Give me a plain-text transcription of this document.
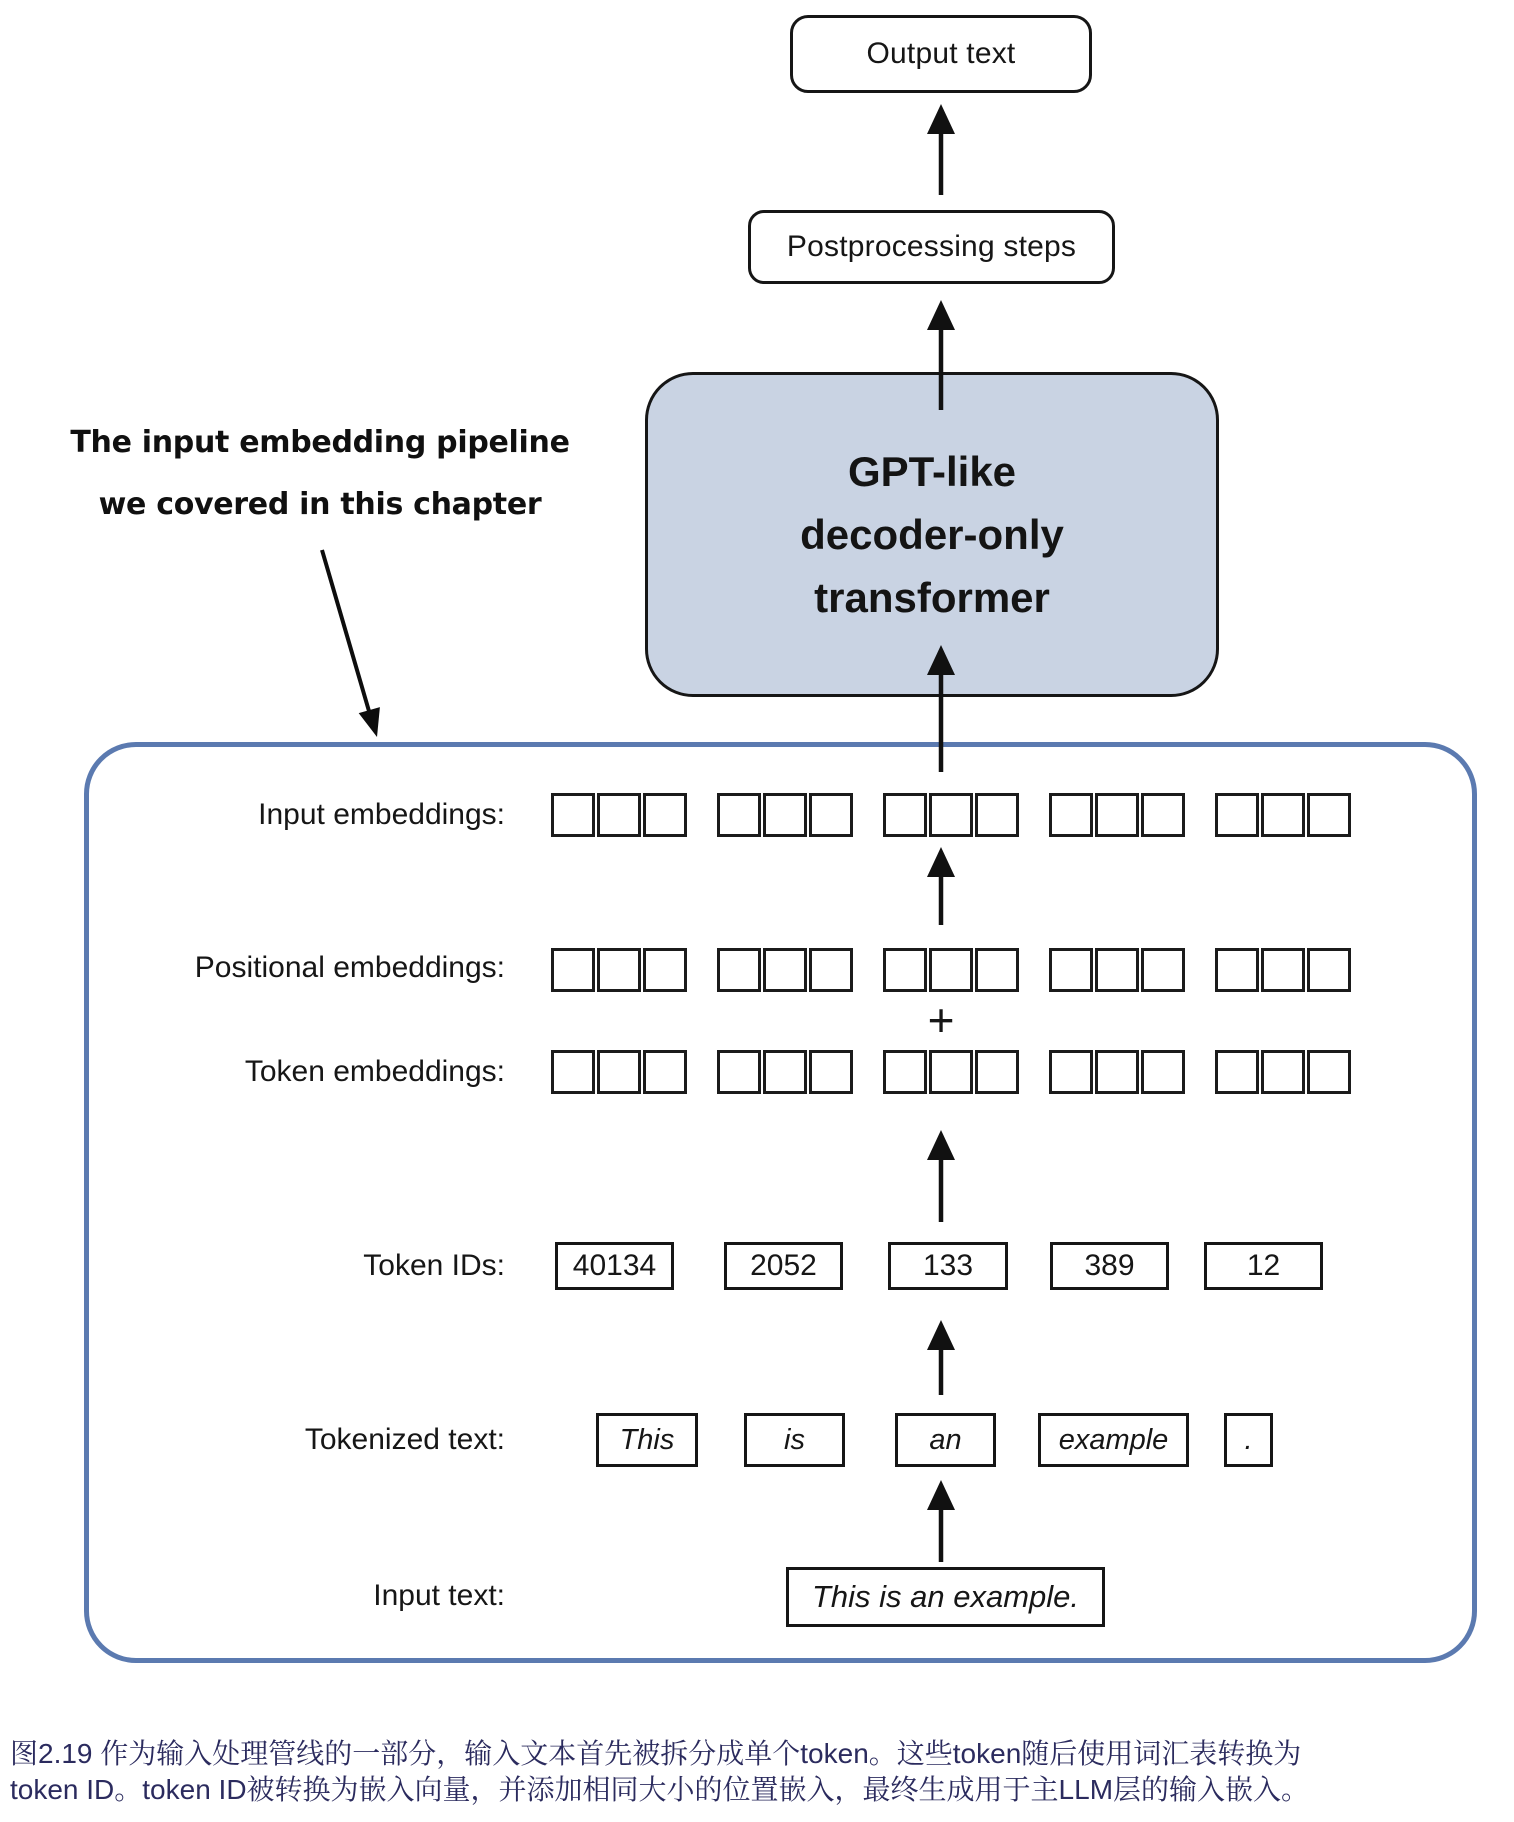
Output text
Postprocessing steps
GPT-like
decoder-only
transformer
The input embedding pipeline
we covered in this chapter
Input embeddings:
Positional embeddings:
Token embeddings:
Token IDs:
Tokenized text:
Input text:
+
40134	2052	133	389	12
This	is	an	example	.
This is an example.
图2.19 作为输入处理管线的一部分，输入文本首先被拆分成单个token。这些token随后使用词汇表转换为
token ID。token ID被转换为嵌入向量，并添加相同大小的位置嵌入，最终生成用于主LLM层的输入嵌入。
